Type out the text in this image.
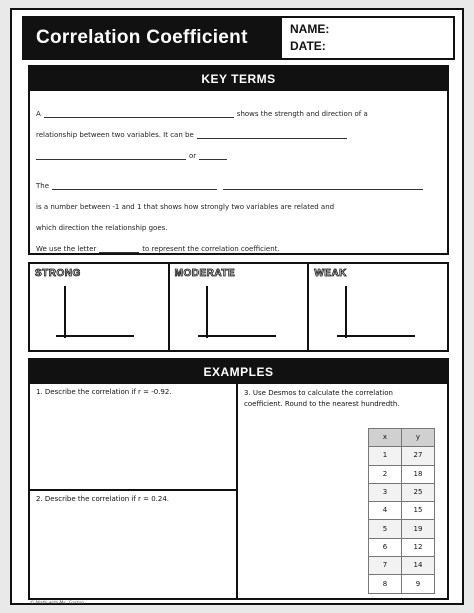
Correlation Coefficient	NAME:
DATE:
KEY TERMS
A	shows the strength and direction of a
relationship between two variables. It can be
or
The
is a number between -1 and 1 that shows how strongly two variables are related and
which direction the relationship goes.
We use the letter	to represent the correlation coefficient.
STRONG	MODERATE	WEAK
EXAMPLES
1. Describe the correlation if r = -0.92.
2. Describe the correlation if r = 0.24.
3. Use Desmos to calculate the correlation coefficient. Round to the nearest hundredth.
x	y
1	27
2	18
3	25
4	15
5	19
6	12
7	14
8	9
© Math with Ms. Garton
